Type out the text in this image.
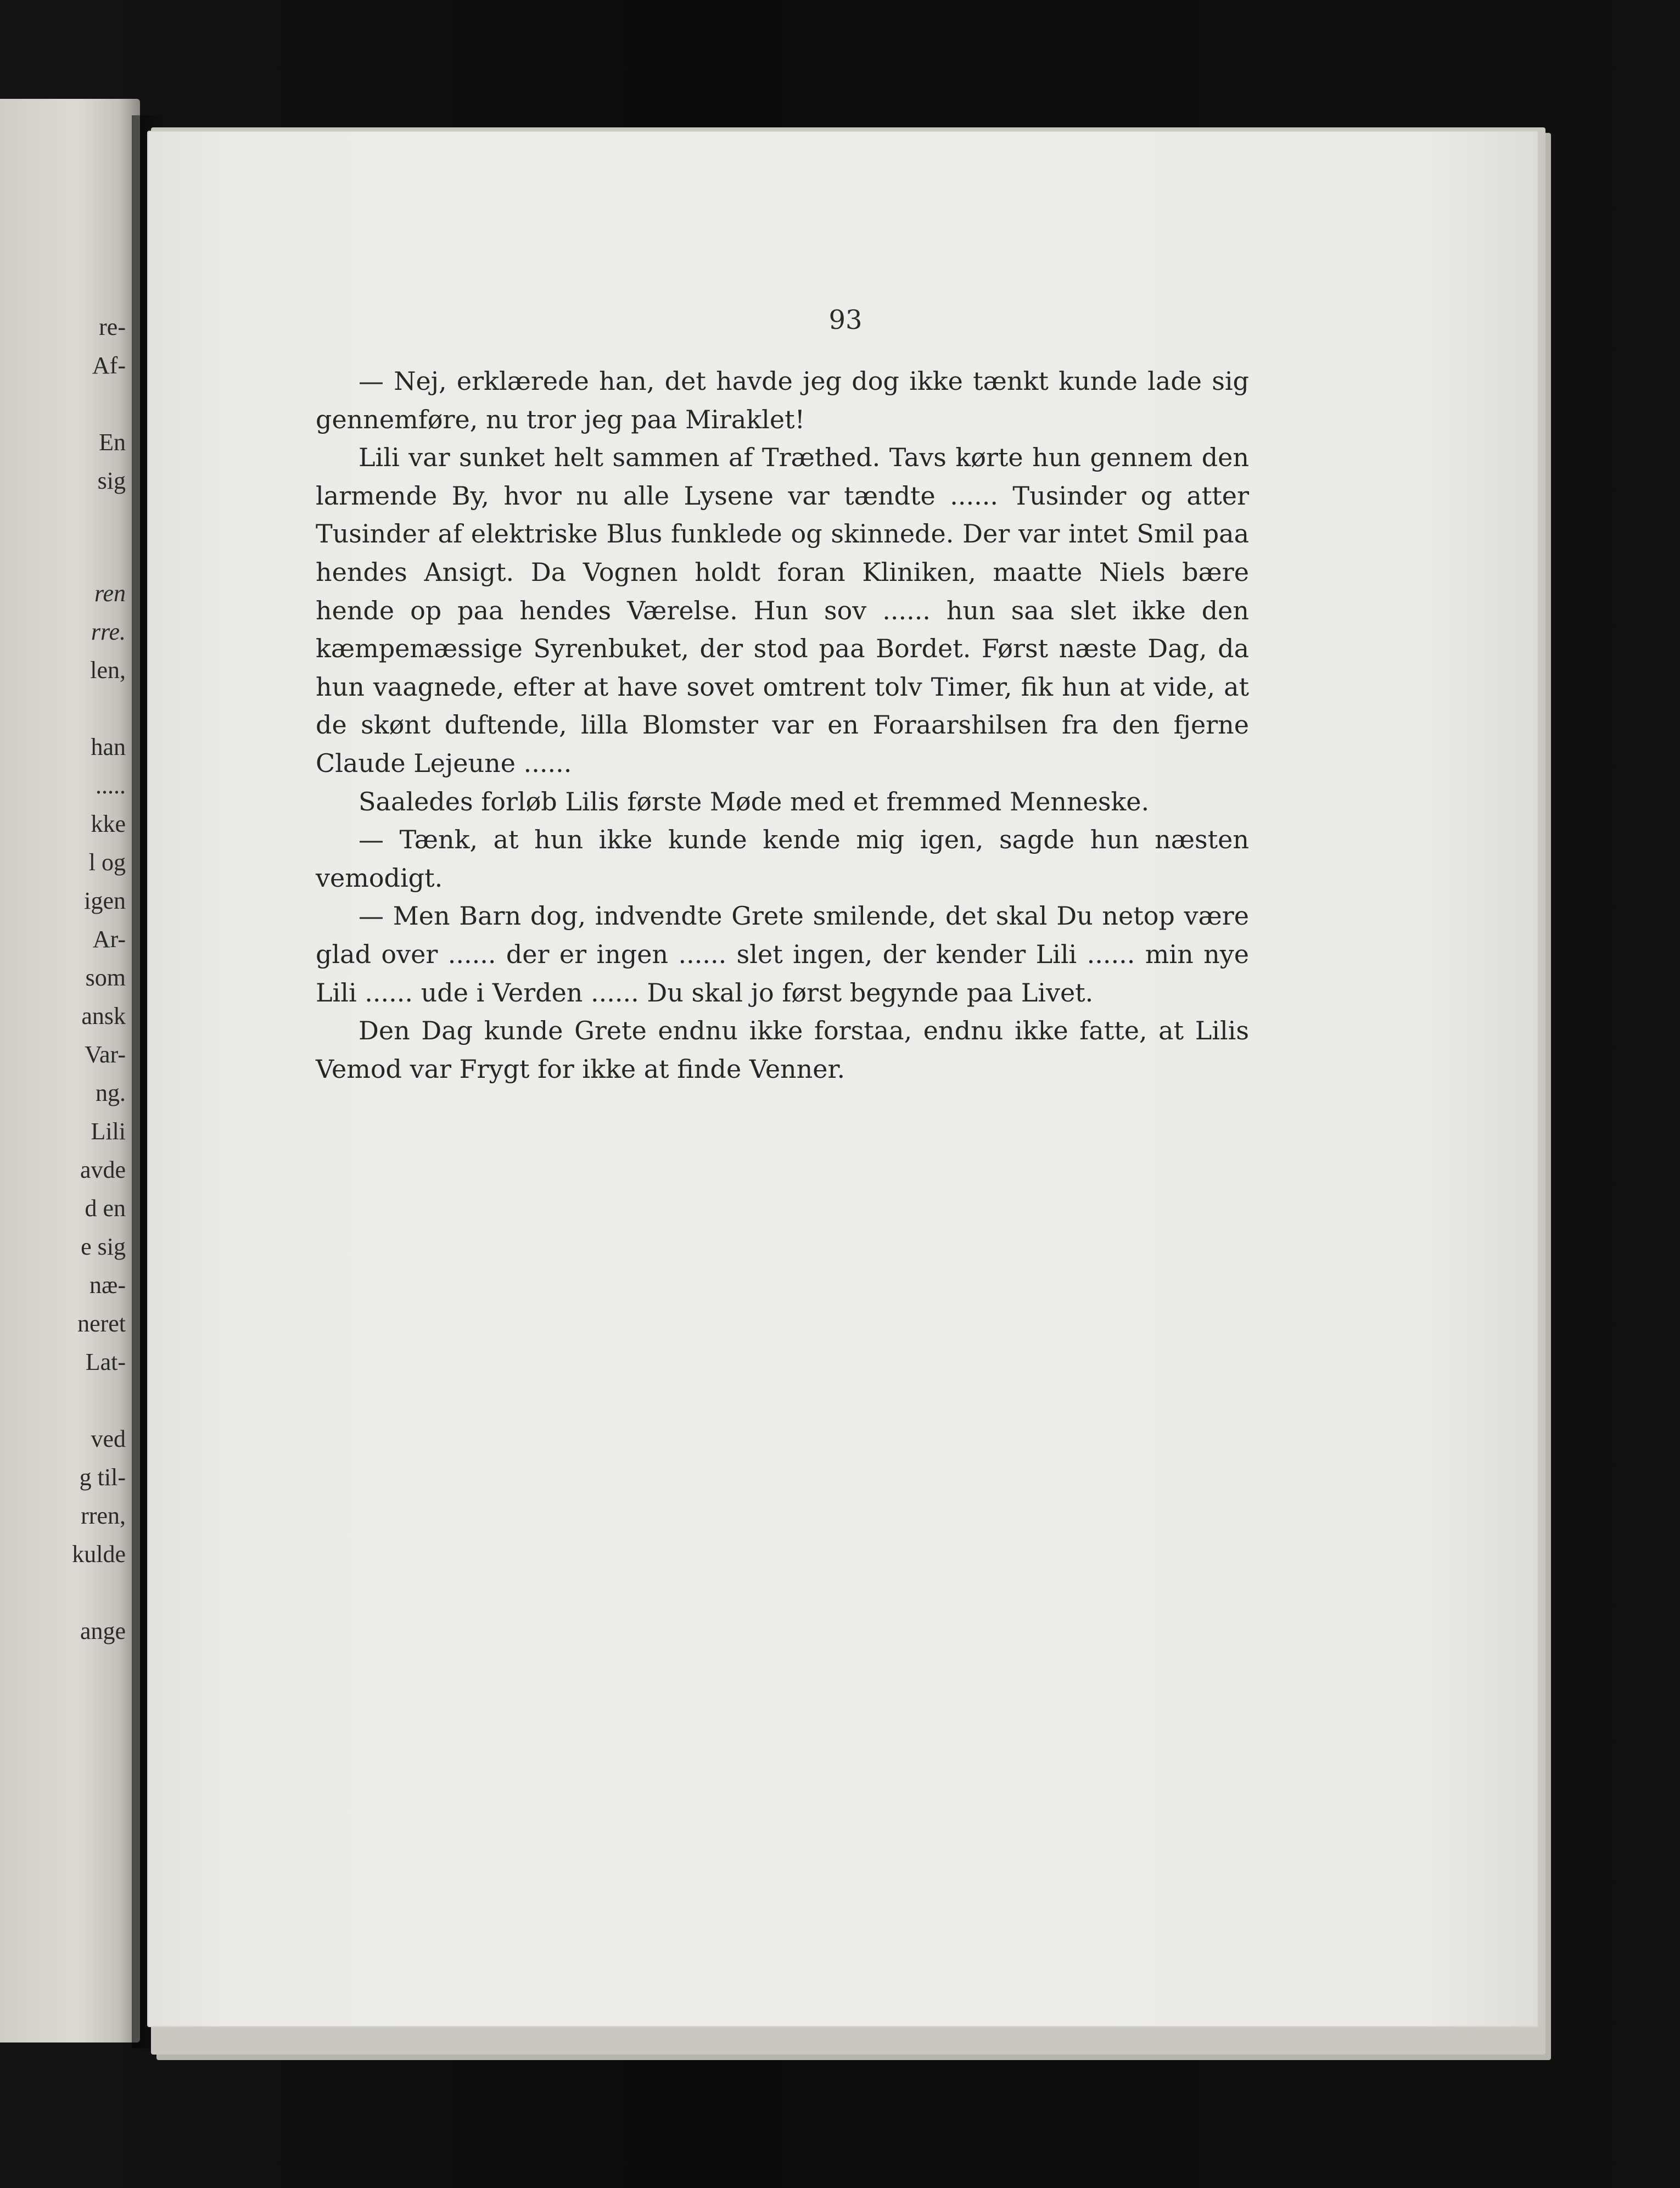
re-
Af-
En
sig
ren
rre.
len,
han
.....
kke
l og
igen
Ar-
som
ansk
Var-
ng.
Lili
avde
d en
e sig
næ-
neret
Lat-
ved
g til-
rren,
kulde
ange
93

— Nej, erklærede han, det havde jeg dog ikke tænkt kunde lade sig gennemføre, nu tror jeg paa Miraklet!

Lili var sunket helt sammen af Træthed. Tavs kørte hun gennem den larmende By, hvor nu alle Lysene var tændte ...... Tusinder og atter Tusinder af elektriske Blus funklede og skinnede. Der var intet Smil paa hendes Ansigt. Da Vognen holdt foran Kliniken, maatte Niels bære hende op paa hendes Værelse. Hun sov ...... hun saa slet ikke den kæmpemæssige Syrenbuket, der stod paa Bordet. Først næste Dag, da hun vaagnede, efter at have sovet omtrent tolv Timer, fik hun at vide, at de skønt duftende, lilla Blomster var en Foraarshilsen fra den fjerne Claude Lejeune ......

Saaledes forløb Lilis første Møde med et fremmed Menneske.

— Tænk, at hun ikke kunde kende mig igen, sagde hun næsten vemodigt.

— Men Barn dog, indvendte Grete smilende, det skal Du netop være glad over ...... der er ingen ...... slet ingen, der kender Lili ...... min nye Lili ...... ude i Verden ...... Du skal jo først begynde paa Livet.

Den Dag kunde Grete endnu ikke forstaa, endnu ikke fatte, at Lilis Vemod var Frygt for ikke at finde Venner.
